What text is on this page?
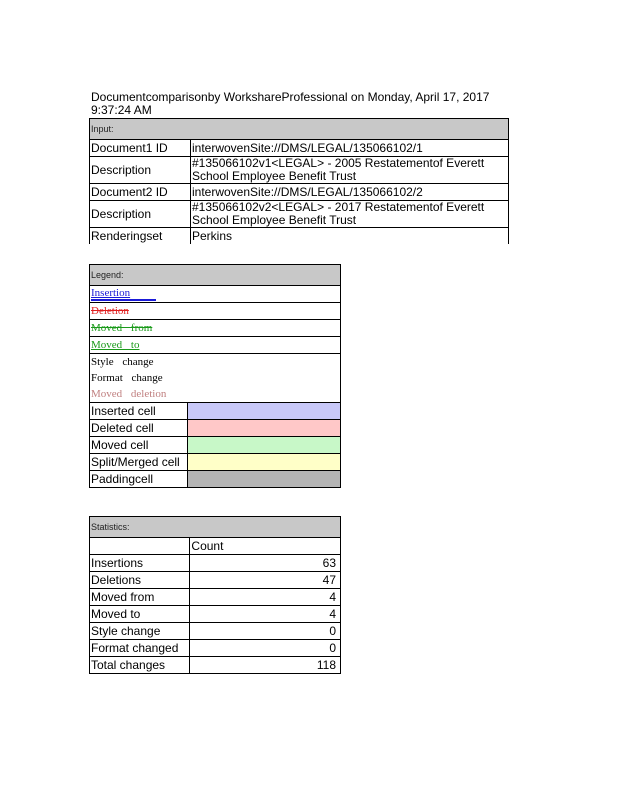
Documentcomparisonby WorkshareProfessional on Monday, April 17, 2017
9:37:24 AM
Input:	
Document1 ID	interwovenSite://DMS/LEGAL/135066102/1
Description	#135066102v1<LEGAL> - 2005 Restatementof Everett School Employee Benefit Trust
Document2 ID	interwovenSite://DMS/LEGAL/135066102/2
Description	#135066102v2<LEGAL> - 2017 Restatementof Everett School Employee Benefit Trust
Renderingset	Perkins
Legend:	
Insertion	
Deletion	
Moved from	
Moved to	
Style change	
Format change	
Moved deletion	
Inserted cell	
Deleted cell	
Moved cell	
Split/Merged cell	
Paddingcell	
Statistics:	
	Count
Insertions	63
Deletions	47
Moved from	4
Moved to	4
Style change	0
Format changed	0
Total changes	118
